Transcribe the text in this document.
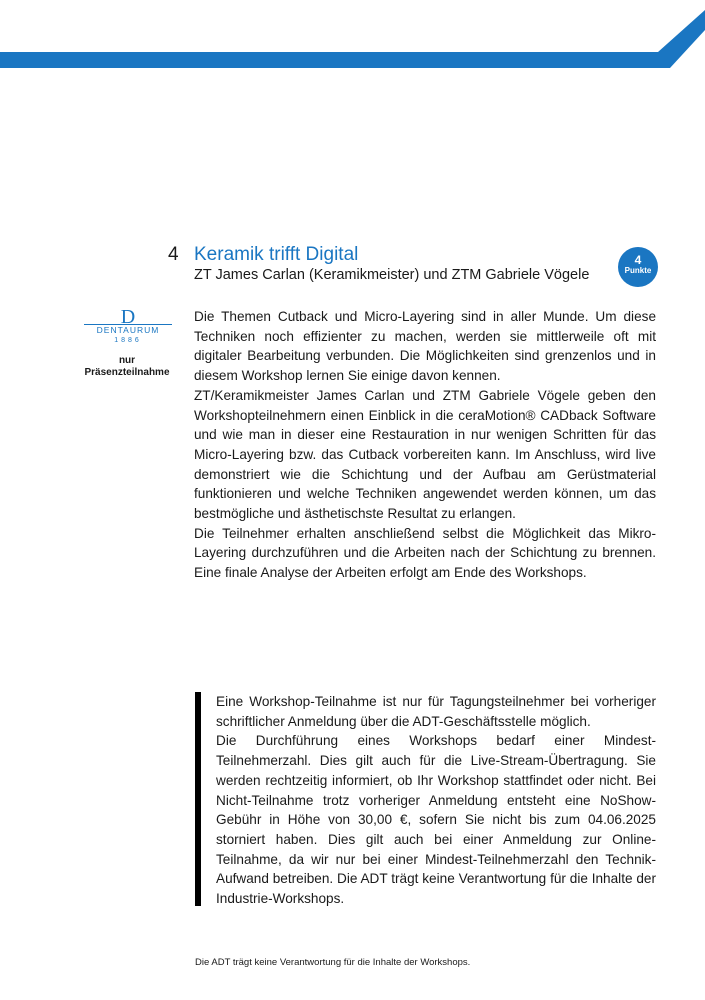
4 Keramik trifft Digital
ZT James Carlan (Keramikmeister) und ZTM Gabriele Vögele
4
Punkte
D
DENTAURUM
1886
nur
Präsenzteilnahme

Die Themen Cutback und Micro-Layering sind in aller Munde. Um diese Techniken noch effizienter zu machen, werden sie mittlerweile oft mit digitaler Bearbeitung verbunden. Die Möglichkeiten sind grenzenlos und in diesem Workshop lernen Sie einige davon kennen.

ZT/Keramikmeister James Carlan und ZTM Gabriele Vögele geben den Workshopteilnehmern einen Einblick in die ceraMotion® CADback Software und wie man in dieser eine Restauration in nur wenigen Schritten für das Micro-Layering bzw. das Cutback vorbereiten kann. Im Anschluss, wird live demonstriert wie die Schichtung und der Aufbau am Gerüstmaterial funktionieren und welche Techniken angewendet werden können, um das bestmögliche und ästhetischste Resultat zu erlangen.

Die Teilnehmer erhalten anschließend selbst die Möglichkeit das Mikro-Layering durchzuführen und die Arbeiten nach der Schichtung zu brennen. Eine finale Analyse der Arbeiten erfolgt am Ende des Workshops.

Eine Workshop-Teilnahme ist nur für Tagungsteilnehmer bei vorheriger schriftlicher Anmeldung über die ADT-Geschäftsstelle möglich.

Die Durchführung eines Workshops bedarf einer Mindest-Teilnehmerzahl. Dies gilt auch für die Live-Stream-Übertragung. Sie werden rechtzeitig informiert, ob Ihr Workshop stattfindet oder nicht. Bei Nicht-Teilnahme trotz vorheriger Anmeldung entsteht eine NoShow-Gebühr in Höhe von 30,00 €, sofern Sie nicht bis zum 04.06.2025 storniert haben. Dies gilt auch bei einer Anmeldung zur Online-Teilnahme, da wir nur bei einer Mindest-Teilnehmerzahl den Technik-Aufwand betreiben. Die ADT trägt keine Verantwortung für die Inhalte der Industrie-Workshops.

Die ADT trägt keine Verantwortung für die Inhalte der Workshops.
